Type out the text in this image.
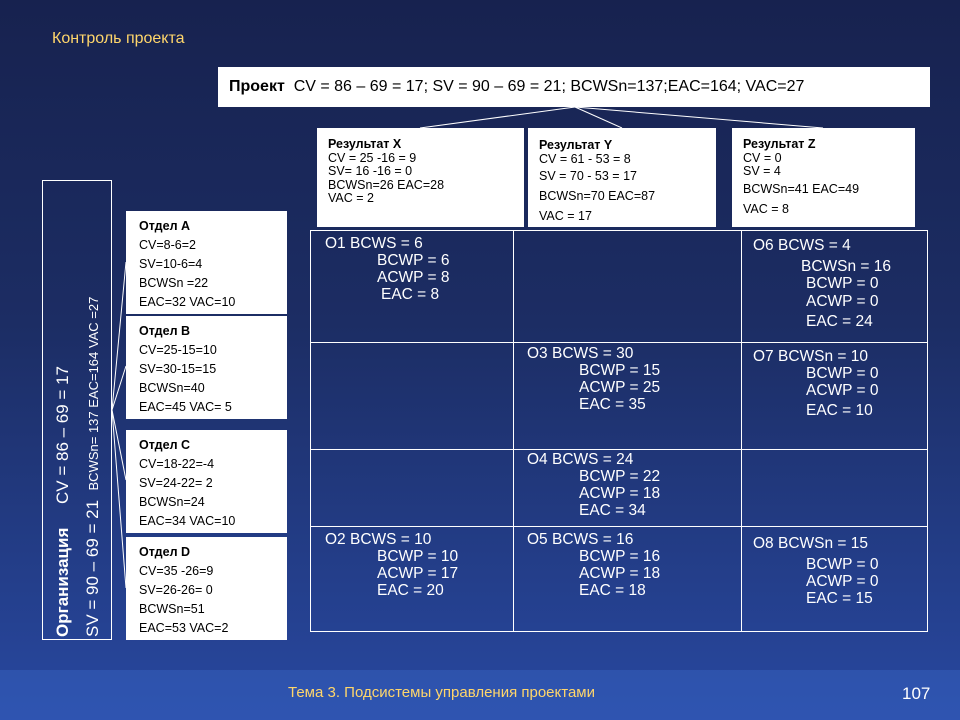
Контроль проекта
Проект CV = 86 – 69 = 17; SV = 90 – 69 = 21; BCWSn=137;EAC=164; VAC=27
Результат X
CV = 25 -16 = 9
SV= 16 -16 = 0
BCWSn=26 EAC=28
VAC = 2
Результат Y
CV = 61 - 53 = 8
SV = 70 - 53 = 17
BCWSn=70 EAC=87
VAC = 17
Результат Z
CV = 0
SV = 4
BCWSn=41 EAC=49
VAC = 8
Организация     CV = 86 – 69 = 17
SV = 90 – 69 = 21  BCWSn= 137 EAC=164 VAC =27
Отдел А
CV=8-6=2
SV=10-6=4
BCWSn =22
EAC=32 VAC=10
Отдел В
CV=25-15=10
SV=30-15=15
BCWSn=40
EAC=45 VAC= 5
Отдел С
CV=18-22=-4
SV=24-22= 2
BCWSn=24
EAC=34 VAC=10
Отдел D
CV=35 -26=9
SV=26-26= 0
BCWSn=51
EAC=53 VAC=2
O1 BCWS = 6
BCWP = 6
ACWP = 8
EAC = 8
O6 BCWS = 4
BCWSn = 16
BCWP = 0
ACWP = 0
EAC = 24
O3 BCWS = 30
BCWP = 15
ACWP = 25
EAC = 35
O7 BCWSn = 10
BCWP = 0
ACWP = 0
EAC = 10
O4 BCWS = 24
BCWP = 22
ACWP = 18
EAC = 34
O2 BCWS = 10
BCWP = 10
ACWP = 17
EAC = 20
O5 BCWS = 16
BCWP = 16
ACWP = 18
EAC = 18
O8 BCWSn = 15
BCWP = 0
ACWP = 0
EAC = 15
Тема 3. Подсистемы управления проектами	107
